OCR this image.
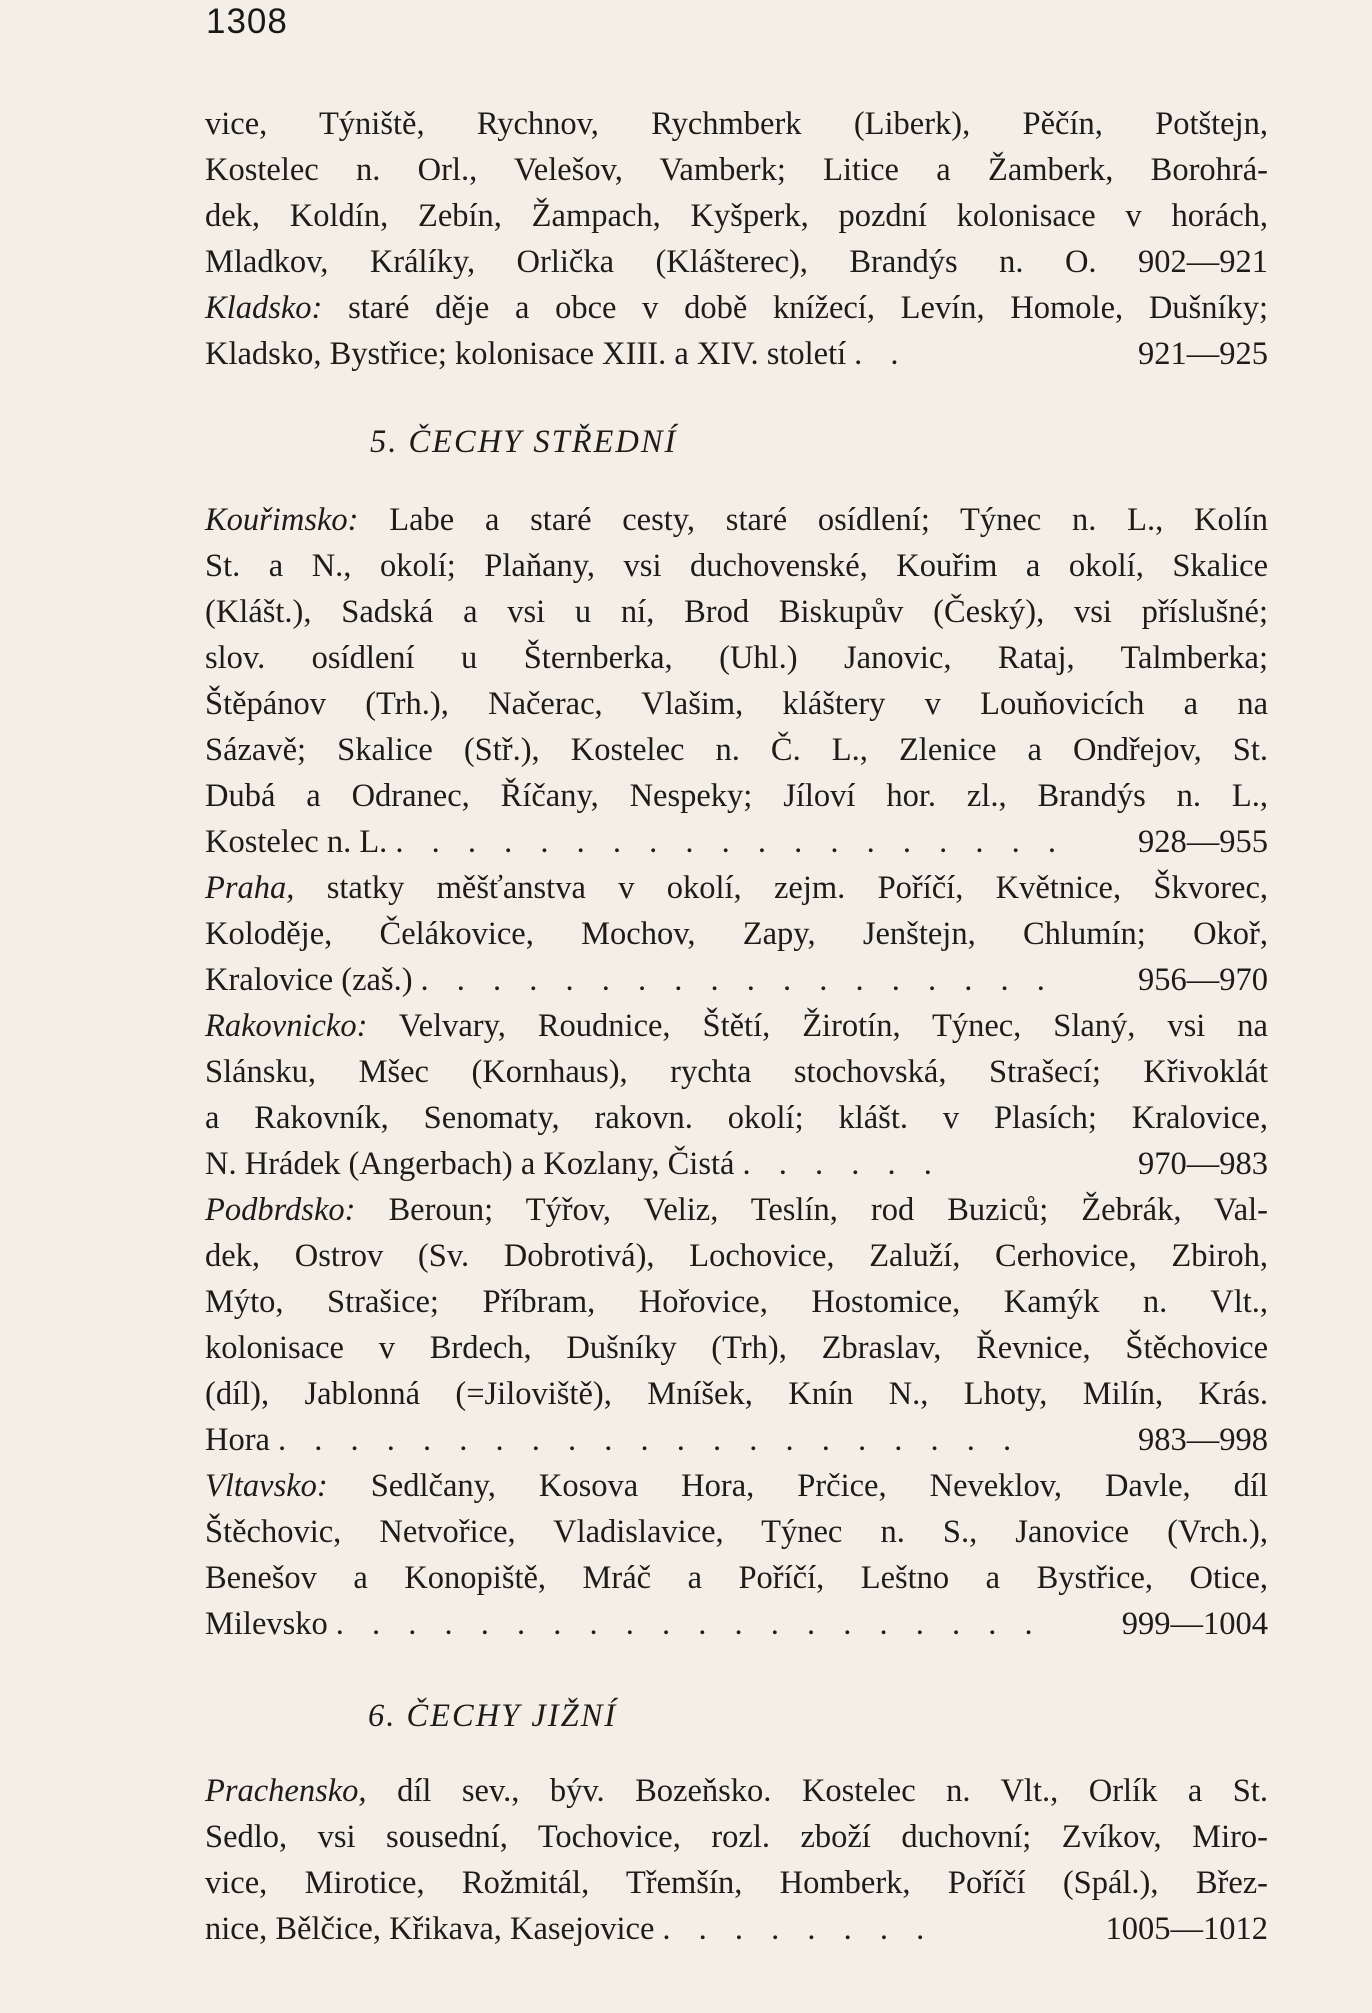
1308
vice, Týniště, Rychnov, Rychmberk (Liberk), Pěčín, Potštejn,
Kostelec n. Orl., Velešov, Vamberk; Litice a Žamberk, Borohrá-
dek, Koldín, Zebín, Žampach, Kyšperk, pozdní kolonisace v horách,
Mladkov, Králíky, Orlička (Klášterec), Brandýs n. O. 902—921
Kladsko: staré děje a obce v době knížecí, Levín, Homole, Dušníky;
Kladsko, Bystřice; kolonisace XIII. a XIV. století . .	921—925
5. ČECHY STŘEDNÍ
Kouřimsko: Labe a staré cesty, staré osídlení; Týnec n. L., Kolín
St. a N., okolí; Plaňany, vsi duchovenské, Kouřim a okolí, Skalice
(Klášt.), Sadská a vsi u ní, Brod Biskupův (Český), vsi příslušné;
slov. osídlení u Šternberka, (Uhl.) Janovic, Rataj, Talmberka;
Štěpánov (Trh.), Načerac, Vlašim, kláštery v Louňovicích a na
Sázavě; Skalice (Stř.), Kostelec n. Č. L., Zlenice a Ondřejov, St.
Dubá a Odranec, Říčany, Nespeky; Jíloví hor. zl., Brandýs n. L.,
Kostelec n. L. . . . . . . . . . . . . . . . . . . .	928—955
Praha, statky měšťanstva v okolí, zejm. Poříčí, Květnice, Škvorec,
Koloděje, Čelákovice, Mochov, Zapy, Jenštejn, Chlumín; Okoř,
Kralovice (zaš.) . . . . . . . . . . . . . . . . . .	956—970
Rakovnicko: Velvary, Roudnice, Štětí, Žirotín, Týnec, Slaný, vsi na
Slánsku, Mšec (Kornhaus), rychta stochovská, Strašecí; Křivoklát
a Rakovník, Senomaty, rakovn. okolí; klášt. v Plasích; Kralovice,
N. Hrádek (Angerbach) a Kozlany, Čistá . . . . . .	970—983
Podbrdsko: Beroun; Týřov, Veliz, Teslín, rod Buziců; Žebrák, Val-
dek, Ostrov (Sv. Dobrotivá), Lochovice, Zaluží, Cerhovice, Zbiroh,
Mýto, Strašice; Příbram, Hořovice, Hostomice, Kamýk n. Vlt.,
kolonisace v Brdech, Dušníky (Trh), Zbraslav, Řevnice, Štěchovice
(díl), Jablonná (=Jiloviště), Mníšek, Knín N., Lhoty, Milín, Krás.
Hora . . . . . . . . . . . . . . . . . . . . .	983—998
Vltavsko: Sedlčany, Kosova Hora, Prčice, Neveklov, Davle, díl
Štěchovic, Netvořice, Vladislavice, Týnec n. S., Janovice (Vrch.),
Benešov a Konopiště, Mráč a Poříčí, Leštno a Bystřice, Otice,
Milevsko . . . . . . . . . . . . . . . . . . . .	999—1004
6. ČECHY JIŽNÍ
Prachensko, díl sev., býv. Bozeňsko. Kostelec n. Vlt., Orlík a St.
Sedlo, vsi sousední, Tochovice, rozl. zboží duchovní; Zvíkov, Miro-
vice, Mirotice, Rožmitál, Třemšín, Homberk, Poříčí (Spál.), Břez-
nice, Bělčice, Křikava, Kasejovice . . . . . . . .	1005—1012
